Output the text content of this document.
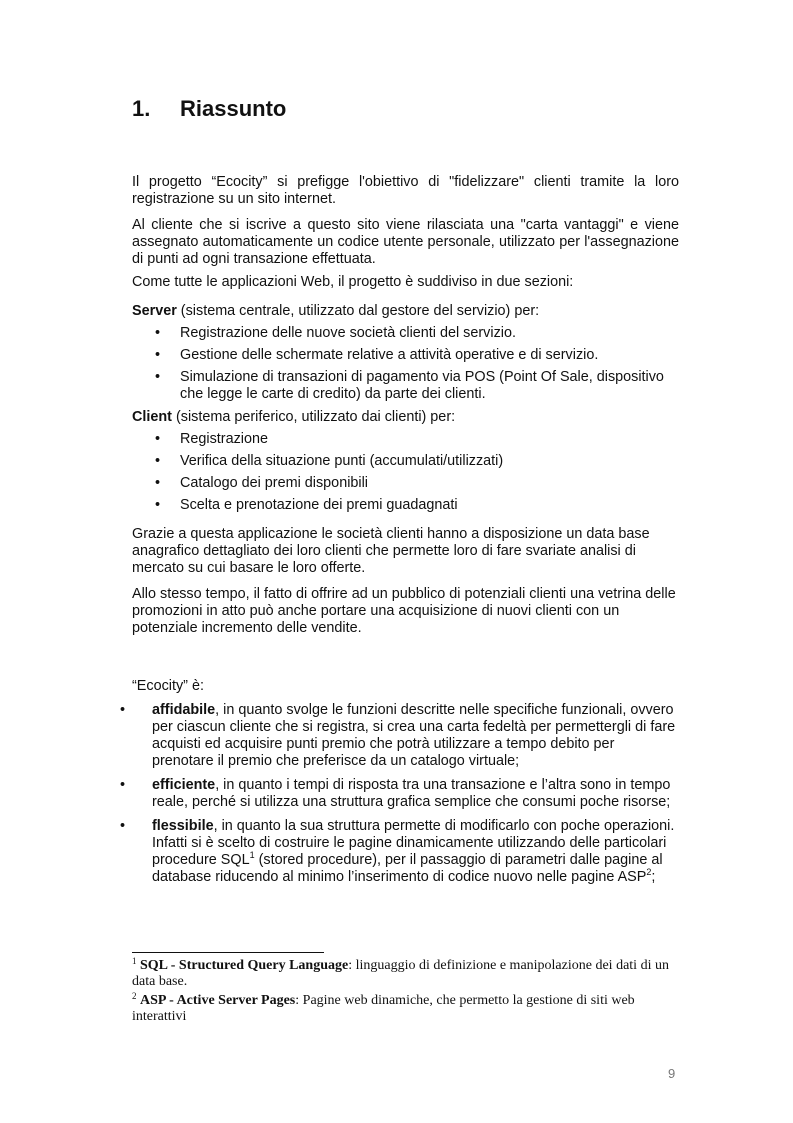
1.	Riassunto

Il progetto “Ecocity” si prefigge l'obiettivo di "fidelizzare" clienti tramite la loro registrazione su un sito internet.

Al cliente che si iscrive a questo sito viene rilasciata una "carta vantaggi" e viene assegnato automaticamente un codice utente personale, utilizzato per l'assegnazione di punti ad ogni transazione effettuata.

Come tutte le applicazioni Web, il progetto è suddiviso in due sezioni:

Server (sistema centrale, utilizzato dal gestore del servizio) per:

• Registrazione delle nuove società clienti del servizio.
• Gestione delle schermate relative a attività operative e di servizio.
• Simulazione di transazioni di pagamento via POS (Point Of Sale, dispositivo che legge le carte di credito) da parte dei clienti.

Client (sistema periferico, utilizzato dai clienti) per:

• Registrazione
• Verifica della situazione punti (accumulati/utilizzati)
• Catalogo dei premi disponibili
• Scelta e prenotazione dei premi guadagnati

Grazie a questa applicazione le società clienti hanno a disposizione un data base anagrafico dettagliato dei loro clienti che permette loro di fare svariate analisi di mercato su cui basare le loro offerte.

Allo stesso tempo, il fatto di offrire ad un pubblico di potenziali clienti una vetrina delle promozioni in atto può anche portare una acquisizione di nuovi clienti con un potenziale incremento delle vendite.

“Ecocity” è:

• affidabile, in quanto svolge le funzioni descritte nelle specifiche funzionali, ovvero per ciascun cliente che si registra, si crea una carta fedeltà per permettergli di fare acquisti ed acquisire punti premio che potrà utilizzare a tempo debito per prenotare il premio che preferisce da un catalogo virtuale;
• efficiente, in quanto i tempi di risposta tra una transazione e l’altra sono in tempo reale, perché si utilizza una struttura grafica semplice che consumi poche risorse;
• flessibile, in quanto la sua struttura permette di modificarlo con poche operazioni. Infatti si è scelto di costruire le pagine dinamicamente utilizzando delle particolari procedure SQL$^1$ (stored procedure), per il passaggio di parametri dalle pagine al database riducendo al minimo l’inserimento di codice nuovo nelle pagine ASP$^2$;
$^1$ SQL - Structured Query Language: linguaggio di definizione e manipolazione dei dati di un data base.
$^2$ ASP - Active Server Pages: Pagine web dinamiche, che permetto la gestione di siti web interattivi
9
